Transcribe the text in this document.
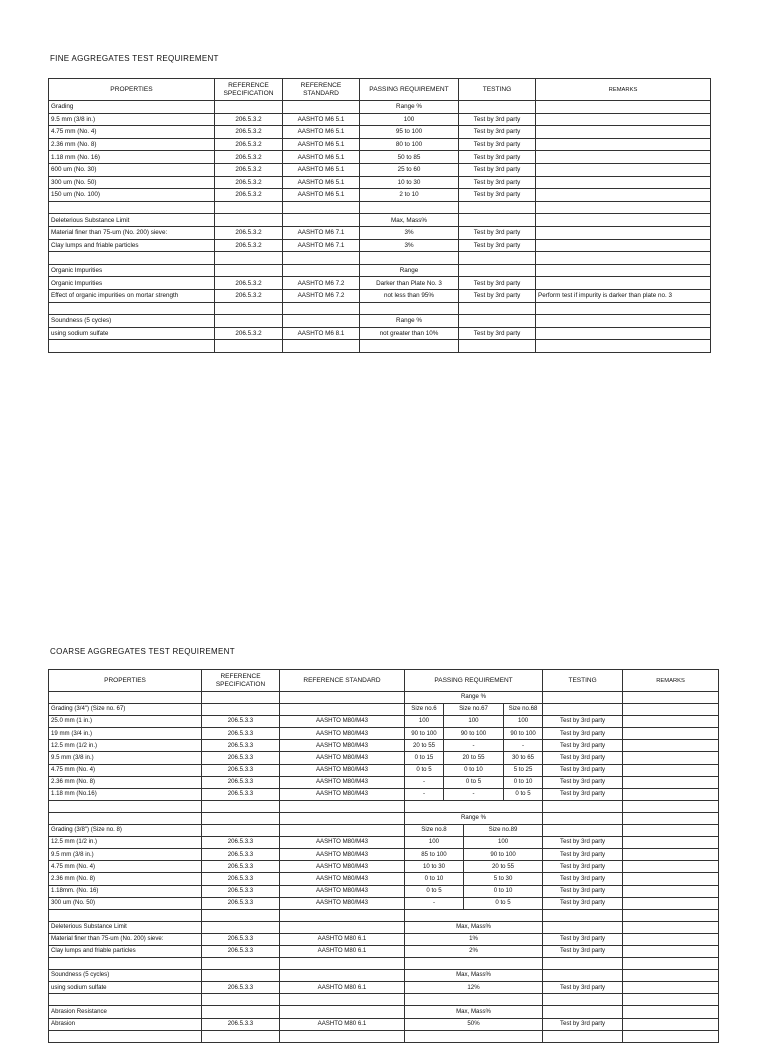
FINE AGGREGATES TEST REQUIREMENT
PROPERTIES	REFERENCE SPECIFICATION	REFERENCE STANDARD	PASSING REQUIREMENT	TESTING	REMARKS
Grading			Range %		
9.5 mm (3/8 in.)	206.5.3.2	AASHTO M6 5.1	100	Test by 3rd party	
4.75 mm (No. 4)	206.5.3.2	AASHTO M6 5.1	95 to 100	Test by 3rd party	
2.36 mm (No. 8)	206.5.3.2	AASHTO M6 5.1	80 to 100	Test by 3rd party	
1.18 mm (No. 16)	206.5.3.2	AASHTO M6 5.1	50 to 85	Test by 3rd party	
600 um (No. 30)	206.5.3.2	AASHTO M6 5.1	25 to 60	Test by 3rd party	
300 um (No. 50)	206.5.3.2	AASHTO M6 5.1	10 to 30	Test by 3rd party	
150 um (No. 100)	206.5.3.2	AASHTO M6 5.1	2 to 10	Test by 3rd party	

Deleterious Substance Limit			Max, Mass%		
Material finer than 75-um (No. 200) sieve:	206.5.3.2	AASHTO M6 7.1	3%	Test by 3rd party	
Clay lumps and friable particles	206.5.3.2	AASHTO M6 7.1	3%	Test by 3rd party	

Organic Impurities			Range		
Organic Impurities	206.5.3.2	AASHTO M6 7.2	Darker than Plate No. 3	Test by 3rd party	
Effect of organic impurities on mortar strength	206.5.3.2	AASHTO M6 7.2	not less than 95%	Test by 3rd party	Perform test if impurity is darker than plate no. 3

Soundness (5 cycles)			Range %		
using sodium sulfate	206.5.3.2	AASHTO M6 8.1	not greater than 10%	Test by 3rd party	

COARSE AGGREGATES TEST REQUIREMENT
PROPERTIES	REFERENCE SPECIFICATION	REFERENCE STANDARD	PASSING REQUIREMENT				TESTING	REMARKS
			Range %					
Grading (3/4") (Size no. 67)			Size no.6	Size no.67		Size no.68		
25.0 mm (1 in.)	206.5.3.3	AASHTO M80/M43	100	100		100	Test by 3rd party	
19 mm (3/4 in.)	206.5.3.3	AASHTO M80/M43	90 to 100	90 to 100		90 to 100	Test by 3rd party	
12.5 mm (1/2 in.)	206.5.3.3	AASHTO M80/M43	20 to 55	-		-	Test by 3rd party	
9.5 mm (3/8 in.)	206.5.3.3	AASHTO M80/M43	0 to 15	20 to 55		30 to 65	Test by 3rd party	
4.75 mm (No. 4)	206.5.3.3	AASHTO M80/M43	0 to 5	0 to 10		5 to 25	Test by 3rd party	
2.36 mm (No. 8)	206.5.3.3	AASHTO M80/M43	-	0 to 5		0 to 10	Test by 3rd party	
1.18 mm (No.16)	206.5.3.3	AASHTO M80/M43	-	-		0 to 5	Test by 3rd party	

			Range %					
Grading (3/8") (Size no. 8)			Size no.8		Size no.89			
12.5 mm (1/2 in.)	206.5.3.3	AASHTO M80/M43	100		100		Test by 3rd party	
9.5 mm (3/8 in.)	206.5.3.3	AASHTO M80/M43	85 to 100		90 to 100		Test by 3rd party	
4.75 mm (No. 4)	206.5.3.3	AASHTO M80/M43	10 to 30		20 to 55		Test by 3rd party	
2.36 mm (No. 8)	206.5.3.3	AASHTO M80/M43	0 to 10		5 to 30		Test by 3rd party	
1.18mm. (No. 16)	206.5.3.3	AASHTO M80/M43	0 to 5		0 to 10		Test by 3rd party	
300 um (No. 50)	206.5.3.3	AASHTO M80/M43	-		0 to 5		Test by 3rd party	

Deleterious Substance Limit			Max, Mass%					
Material finer than 75-um (No. 200) sieve:	206.5.3.3	AASHTO M80 6.1	1%				Test by 3rd party	
Clay lumps and friable particles	206.5.3.3	AASHTO M80 6.1	2%				Test by 3rd party	

Soundness (5 cycles)			Max, Mass%					
using sodium sulfate	206.5.3.3	AASHTO M80 6.1	12%				Test by 3rd party	

Abrasion Resistance			Max, Mass%					
Abrasion	206.5.3.3	AASHTO M80 6.1	50%				Test by 3rd party	
